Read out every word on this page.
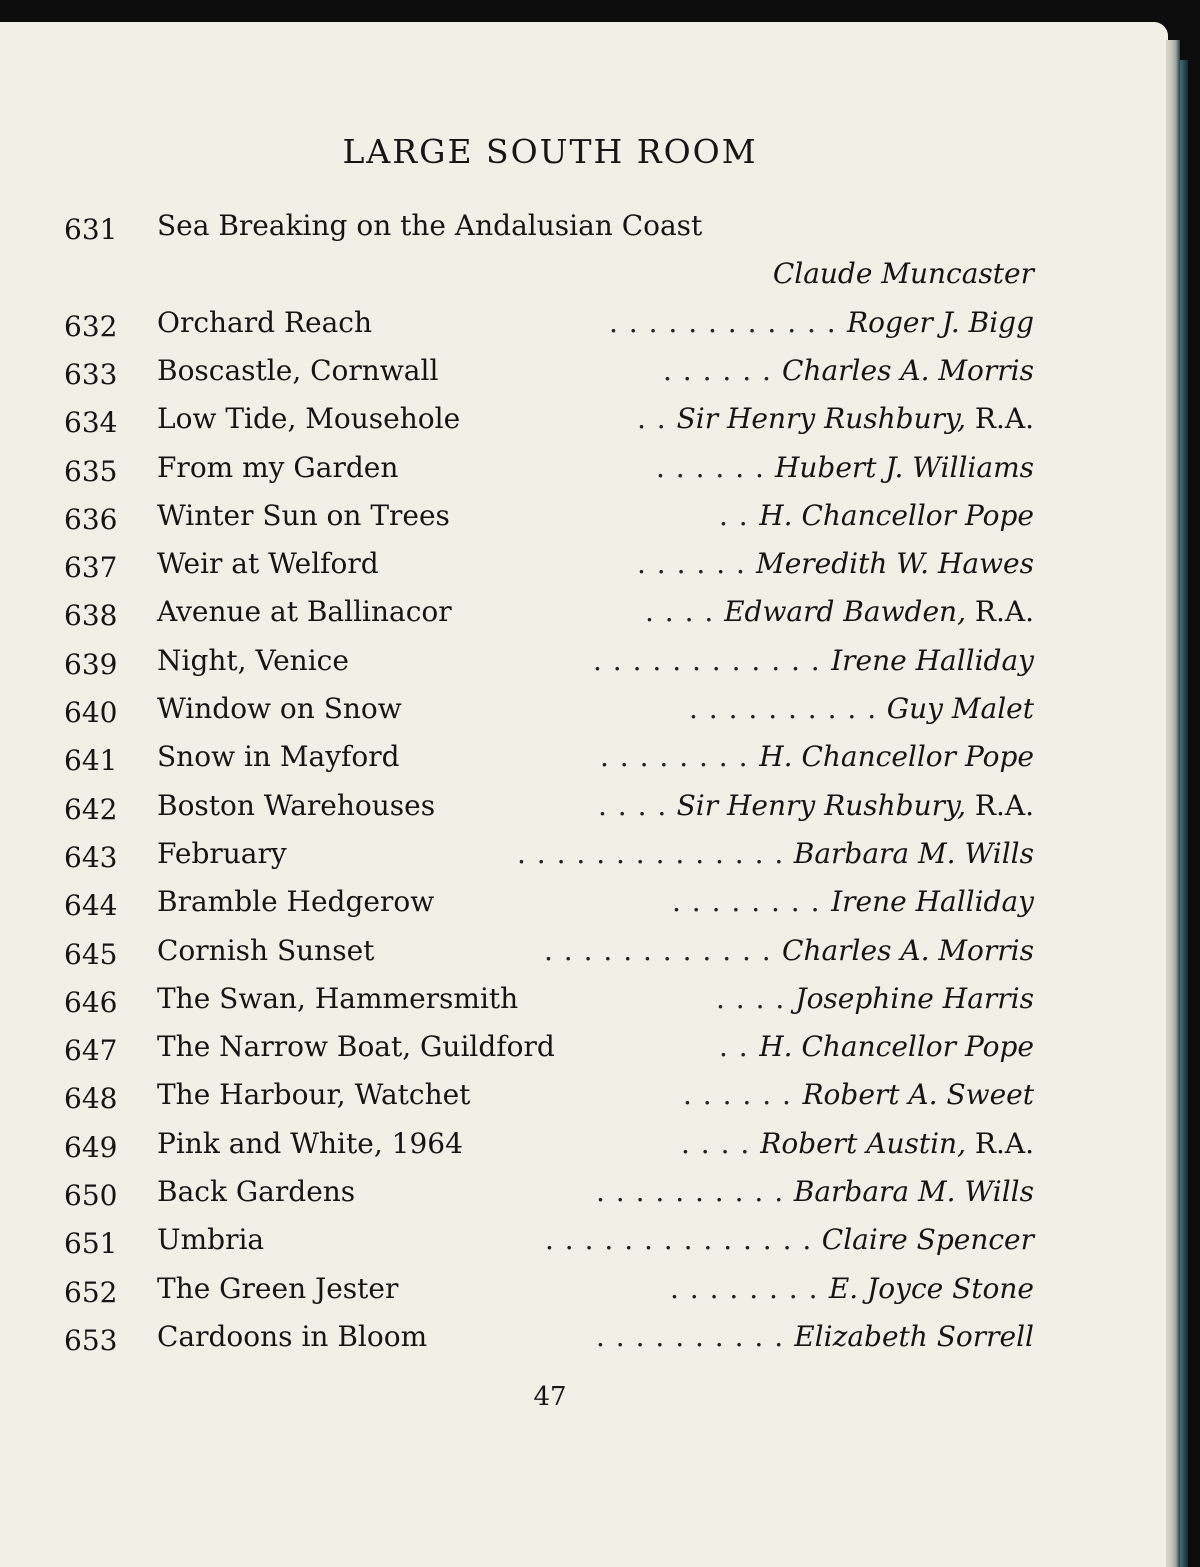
LARGE SOUTH ROOM
631 Sea Breaking on the Andalusian Coast
Claude Muncaster
632 Orchard Reach	. . . . . . . . . . . . Roger J. Bigg
633 Boscastle, Cornwall	. . . . . . Charles A. Morris
634 Low Tide, Mousehole	. . Sir Henry Rushbury, R.A.
635 From my Garden	. . . . . . Hubert J. Williams
636 Winter Sun on Trees	. . H. Chancellor Pope
637 Weir at Welford	. . . . . . Meredith W. Hawes
638 Avenue at Ballinacor	. . . . Edward Bawden, R.A.
639 Night, Venice	. . . . . . . . . . . . Irene Halliday
640 Window on Snow	. . . . . . . . . . Guy Malet
641 Snow in Mayford	. . . . . . . . H. Chancellor Pope
642 Boston Warehouses	. . . . Sir Henry Rushbury, R.A.
643 February	. . . . . . . . . . . . . . Barbara M. Wills
644 Bramble Hedgerow	. . . . . . . . Irene Halliday
645 Cornish Sunset	. . . . . . . . . . . . Charles A. Morris
646 The Swan, Hammersmith	. . . . Josephine Harris
647 The Narrow Boat, Guildford	. . H. Chancellor Pope
648 The Harbour, Watchet	. . . . . . Robert A. Sweet
649 Pink and White, 1964	. . . . Robert Austin, R.A.
650 Back Gardens	. . . . . . . . . . Barbara M. Wills
651 Umbria	. . . . . . . . . . . . . . Claire Spencer
652 The Green Jester	. . . . . . . . E. Joyce Stone
653 Cardoons in Bloom	. . . . . . . . . . Elizabeth Sorrell
47
